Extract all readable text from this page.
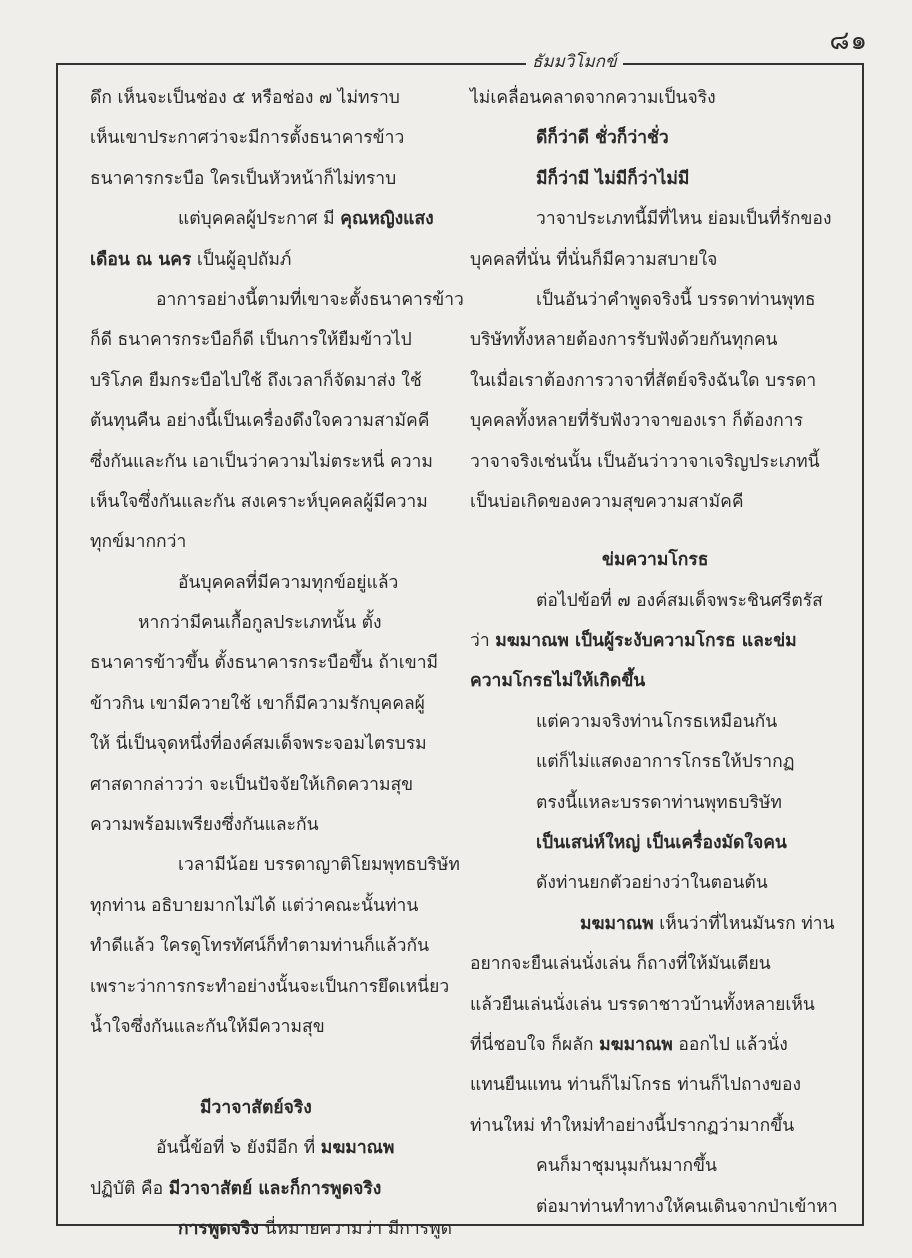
๘๑
ธัมมวิโมกข์
ดึก เห็นจะเป็นช่อง ๕ หรือช่อง ๗ ไม่ทราบ
เห็นเขาประกาศว่าจะมีการตั้งธนาคารข้าว
ธนาคารกระบือ ใครเป็นหัวหน้าก็ไม่ทราบ
แต่บุคคลผู้ประกาศ มี คุณหญิงแสง
เดือน ณ นคร เป็นผู้อุปถัมภ์
อาการอย่างนี้ตามที่เขาจะตั้งธนาคารข้าว
ก็ดี ธนาคารกระบือก็ดี เป็นการให้ยืมข้าวไป
บริโภค ยืมกระบือไปใช้ ถึงเวลาก็จัดมาส่ง ใช้
ต้นทุนคืน อย่างนี้เป็นเครื่องดึงใจความสามัคคี
ซึ่งกันและกัน เอาเป็นว่าความไม่ตระหนี่ ความ
เห็นใจซึ่งกันและกัน สงเคราะห์บุคคลผู้มีความ
ทุกข์มากกว่า
อันบุคคลที่มีความทุกข์อยู่แล้ว
หากว่ามีคนเกื้อกูลประเภทนั้น ตั้ง
ธนาคารข้าวขึ้น ตั้งธนาคารกระบือขึ้น ถ้าเขามี
ข้าวกิน เขามีควายใช้ เขาก็มีความรักบุคคลผู้
ให้ นี่เป็นจุดหนึ่งที่องค์สมเด็จพระจอมไตรบรม
ศาสดากล่าวว่า จะเป็นปัจจัยให้เกิดความสุข
ความพร้อมเพรียงซึ่งกันและกัน
เวลามีน้อย บรรดาญาติโยมพุทธบริษัท
ทุกท่าน อธิบายมากไม่ได้ แต่ว่าคณะนั้นท่าน
ทำดีแล้ว ใครดูโทรทัศน์ก็ทำตามท่านก็แล้วกัน
เพราะว่าการกระทำอย่างนั้นจะเป็นการยึดเหนี่ยว
น้ำใจซึ่งกันและกันให้มีความสุข
มีวาจาสัตย์จริง
อันนี้ข้อที่ ๖ ยังมีอีก ที่ มฆมาณพ
ปฏิบัติ คือ มีวาจาสัตย์ และก็การพูดจริง
การพูดจริง นี่หมายความว่า มีการพูด
ไม่เคลื่อนคลาดจากความเป็นจริง
ดีก็ว่าดี ชั่วก็ว่าชั่ว
มีก็ว่ามี ไม่มีก็ว่าไม่มี
วาจาประเภทนี้มีที่ไหน ย่อมเป็นที่รักของ
บุคคลที่นั่น ที่นั่นก็มีความสบายใจ
เป็นอันว่าคำพูดจริงนี้ บรรดาท่านพุทธ
บริษัททั้งหลายต้องการรับฟังด้วยกันทุกคน
ในเมื่อเราต้องการวาจาที่สัตย์จริงฉันใด บรรดา
บุคคลทั้งหลายที่รับฟังวาจาของเรา ก็ต้องการ
วาจาจริงเช่นนั้น เป็นอันว่าวาจาเจริญประเภทนี้
เป็นบ่อเกิดของความสุขความสามัคคี
ข่มความโกรธ
ต่อไปข้อที่ ๗ องค์สมเด็จพระชินศรีตรัส
ว่า มฆมาณพ เป็นผู้ระงับความโกรธ และข่ม
ความโกรธไม่ให้เกิดขึ้น
แต่ความจริงท่านโกรธเหมือนกัน
แต่ก็ไม่แสดงอาการโกรธให้ปรากฏ
ตรงนี้แหละบรรดาท่านพุทธบริษัท
เป็นเสน่ห์ใหญ่ เป็นเครื่องมัดใจคน
ดังท่านยกตัวอย่างว่าในตอนต้น
มฆมาณพ เห็นว่าที่ไหนมันรก ท่าน
อยากจะยืนเล่นนั่งเล่น ก็ถางที่ให้มันเตียน
แล้วยืนเล่นนั่งเล่น บรรดาชาวบ้านทั้งหลายเห็น
ที่นี่ชอบใจ ก็ผลัก มฆมาณพ ออกไป แล้วนั่ง
แทนยืนแทน ท่านก็ไม่โกรธ ท่านก็ไปถางของ
ท่านใหม่ ทำใหม่ทำอย่างนี้ปรากฏว่ามากขึ้น
คนก็มาชุมนุมกันมากขึ้น
ต่อมาท่านทำทางให้คนเดินจากป่าเข้าหา
